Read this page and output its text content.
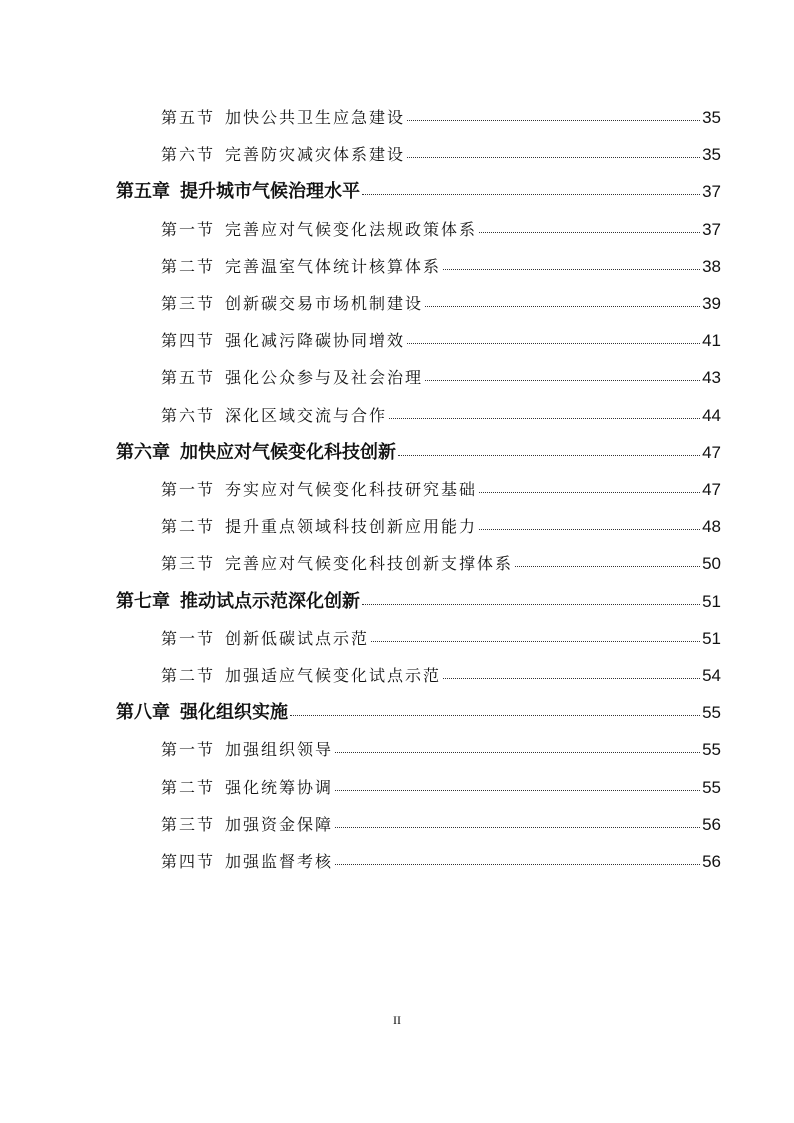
第五节 加快公共卫生应急建设	35
第六节 完善防灾减灾体系建设	35
第五章 提升城市气候治理水平	37
第一节 完善应对气候变化法规政策体系	37
第二节 完善温室气体统计核算体系	38
第三节 创新碳交易市场机制建设	39
第四节 强化减污降碳协同增效	41
第五节 强化公众参与及社会治理	43
第六节 深化区域交流与合作	44
第六章 加快应对气候变化科技创新	47
第一节 夯实应对气候变化科技研究基础	47
第二节 提升重点领域科技创新应用能力	48
第三节 完善应对气候变化科技创新支撑体系	50
第七章 推动试点示范深化创新	51
第一节 创新低碳试点示范	51
第二节 加强适应气候变化试点示范	54
第八章 强化组织实施	55
第一节 加强组织领导	55
第二节 强化统筹协调	55
第三节 加强资金保障	56
第四节 加强监督考核	56
II
